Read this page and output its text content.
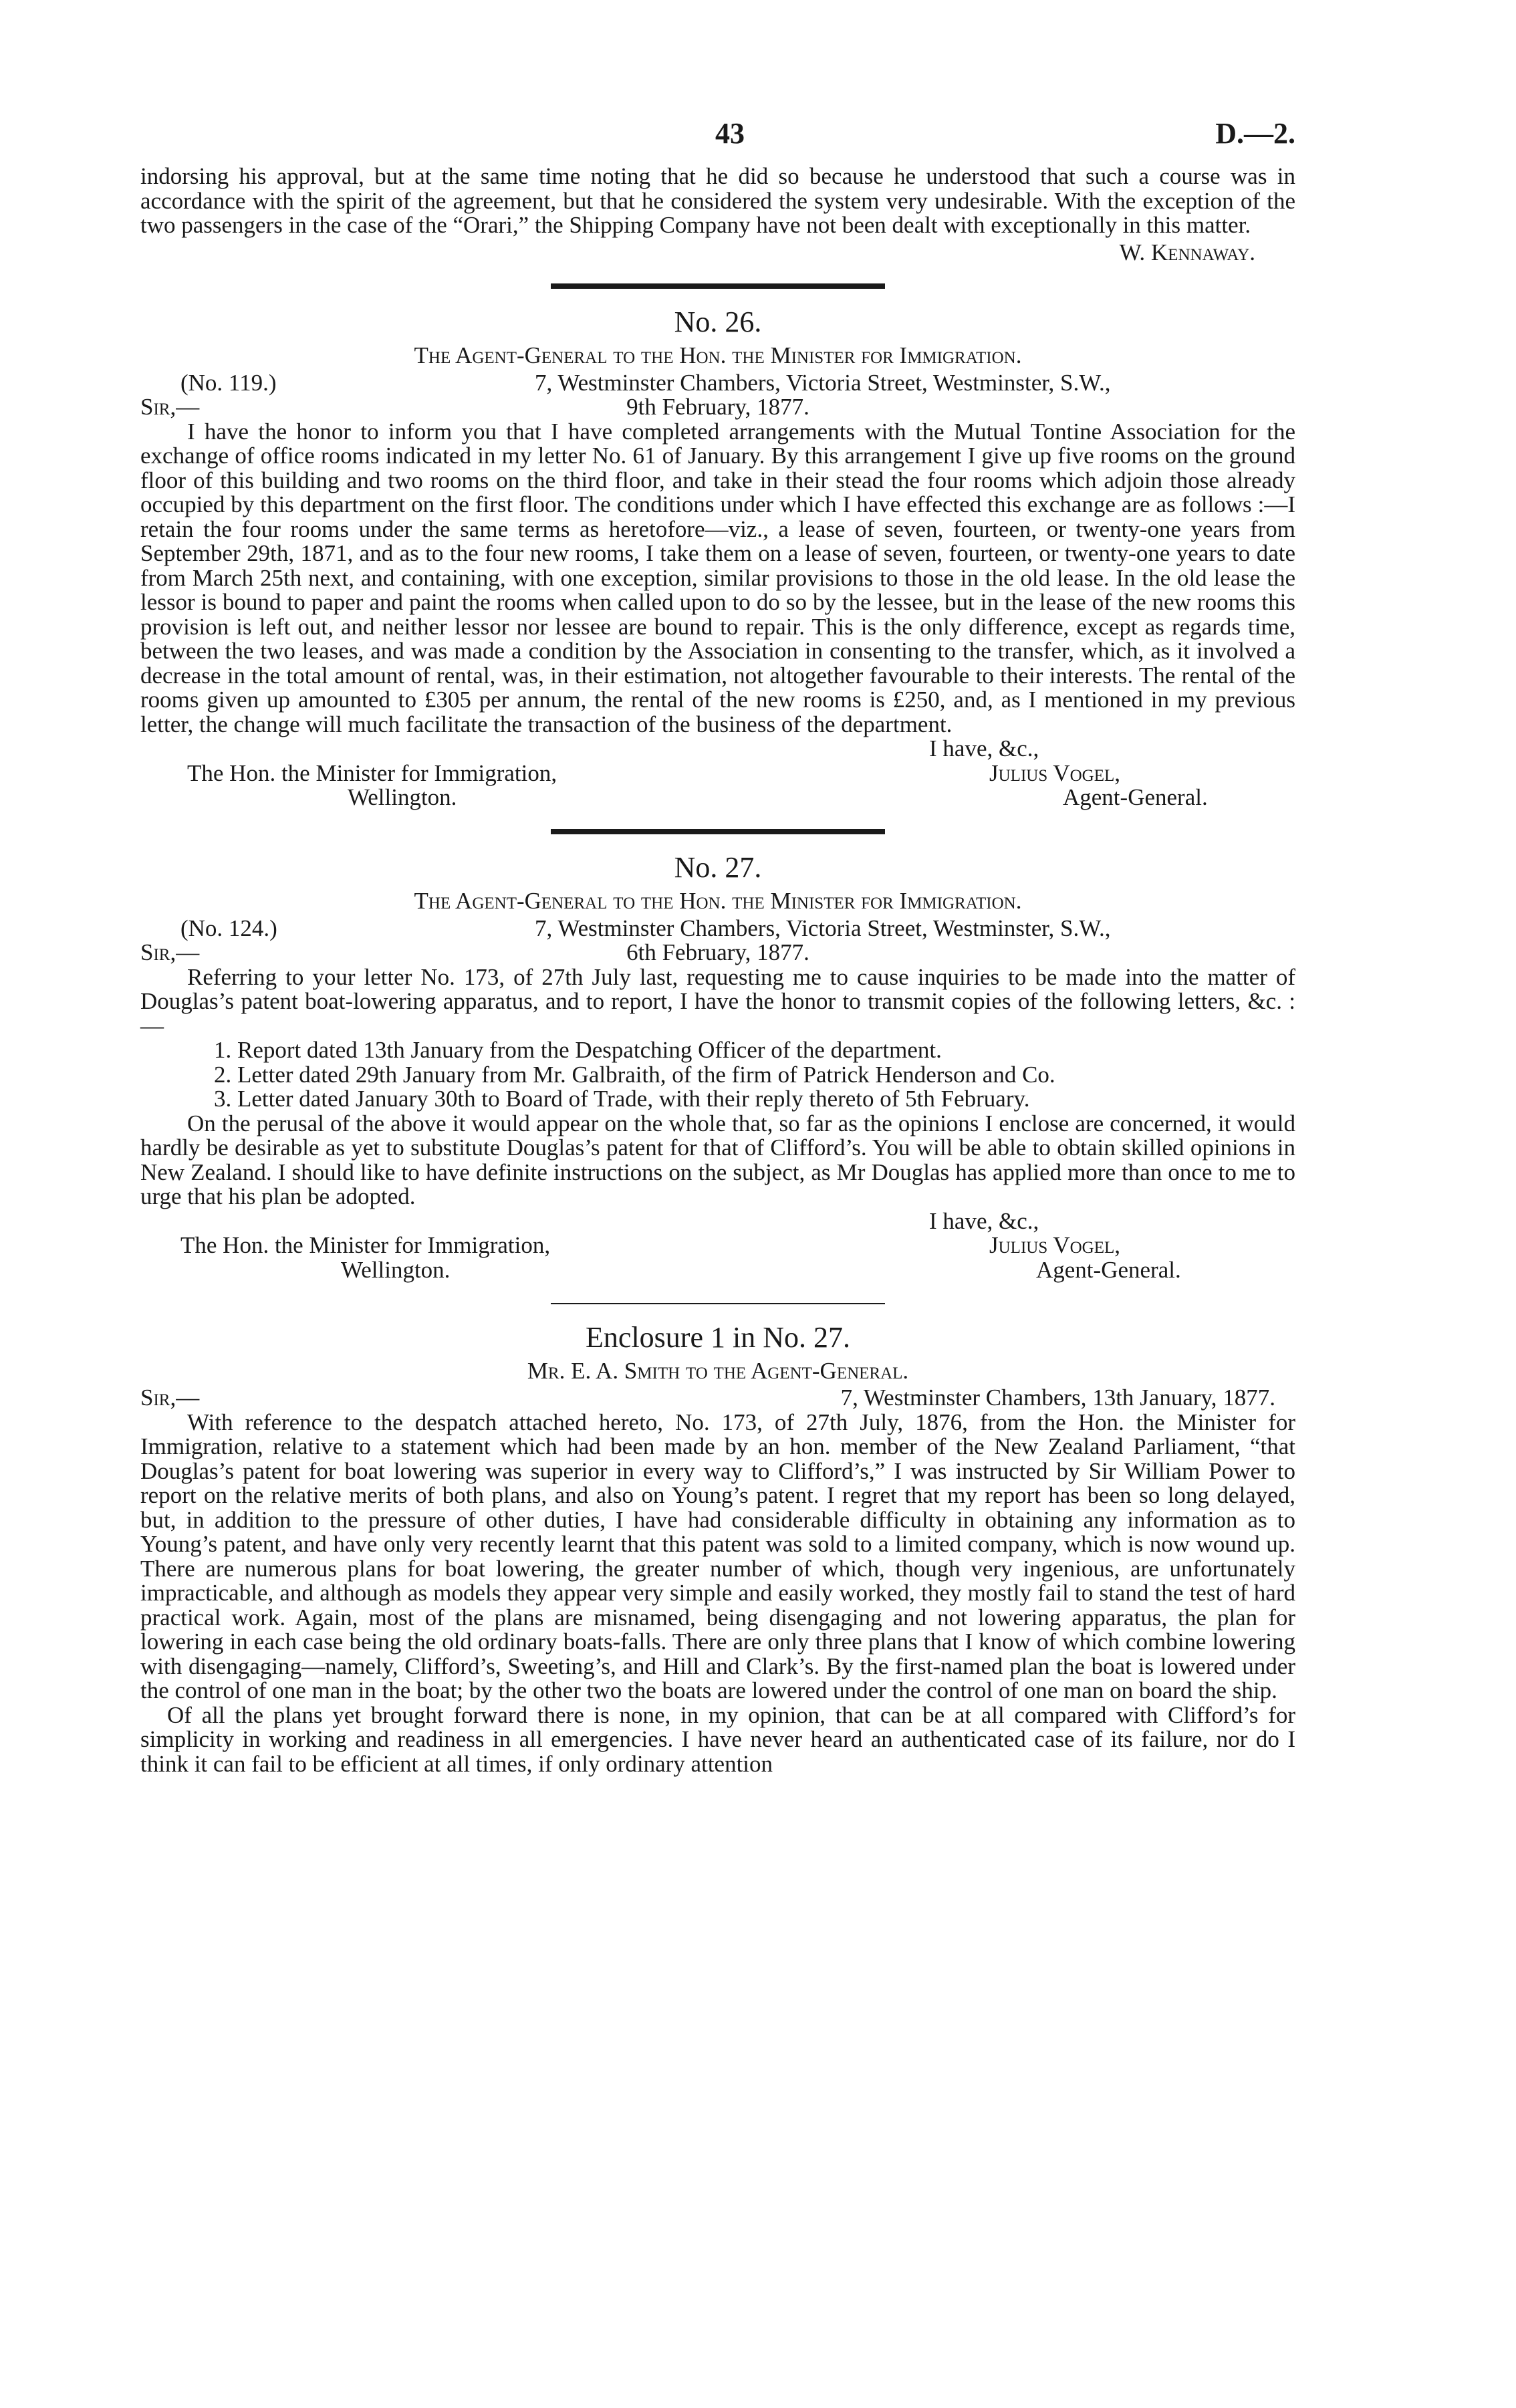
43	D.—2.

indorsing his approval, but at the same time noting that he did so because he understood that such a course was in accordance with the spirit of the agreement, but that he considered the system very undesirable. With the exception of the two passengers in the case of the “Orari,” the Shipping Company have not been dealt with exceptionally in this matter.

W. Kennaway.

No. 26.

The Agent-General to the Hon. the Minister for Immigration.

(No. 119.)	7, Westminster Chambers, Victoria Street, Westminster, S.W.,
Sir,—	9th February, 1877.

I have the honor to inform you that I have completed arrangements with the Mutual Tontine Association for the exchange of office rooms indicated in my letter No. 61 of January. By this arrangement I give up five rooms on the ground floor of this building and two rooms on the third floor, and take in their stead the four rooms which adjoin those already occupied by this department on the first floor. The conditions under which I have effected this exchange are as follows :—I retain the four rooms under the same terms as heretofore—viz., a lease of seven, fourteen, or twenty-one years from September 29th, 1871, and as to the four new rooms, I take them on a lease of seven, fourteen, or twenty-one years to date from March 25th next, and containing, with one exception, similar provisions to those in the old lease. In the old lease the lessor is bound to paper and paint the rooms when called upon to do so by the lessee, but in the lease of the new rooms this provision is left out, and neither lessor nor lessee are bound to repair. This is the only difference, except as regards time, between the two leases, and was made a condition by the Association in consenting to the transfer, which, as it involved a decrease in the total amount of rental, was, in their estimation, not altogether favourable to their interests. The rental of the rooms given up amounted to £305 per annum, the rental of the new rooms is £250, and, as I mentioned in my previous letter, the change will much facilitate the transaction of the business of the department.

I have, &c.,
The Hon. the Minister for Immigration,
Wellington.
Julius Vogel,
Agent-General.

No. 27.

The Agent-General to the Hon. the Minister for Immigration.

(No. 124.)	7, Westminster Chambers, Victoria Street, Westminster, S.W.,
Sir,—	6th February, 1877.

Referring to your letter No. 173, of 27th July last, requesting me to cause inquiries to be made into the matter of Douglas’s patent boat-lowering apparatus, and to report, I have the honor to transmit copies of the following letters, &c. :—

1. Report dated 13th January from the Despatching Officer of the department.

2. Letter dated 29th January from Mr. Galbraith, of the firm of Patrick Henderson and Co.

3. Letter dated January 30th to Board of Trade, with their reply thereto of 5th February.

On the perusal of the above it would appear on the whole that, so far as the opinions I enclose are concerned, it would hardly be desirable as yet to substitute Douglas’s patent for that of Clifford’s. You will be able to obtain skilled opinions in New Zealand. I should like to have definite instructions on the subject, as Mr Douglas has applied more than once to me to urge that his plan be adopted.

I have, &c.,
The Hon. the Minister for Immigration,
Wellington.
Julius Vogel,
Agent-General.

Enclosure 1 in No. 27.

Mr. E. A. Smith to the Agent-General.

Sir,—	7, Westminster Chambers, 13th January, 1877.

With reference to the despatch attached hereto, No. 173, of 27th July, 1876, from the Hon. the Minister for Immigration, relative to a statement which had been made by an hon. member of the New Zealand Parliament, “that Douglas’s patent for boat lowering was superior in every way to Clifford’s,” I was instructed by Sir William Power to report on the relative merits of both plans, and also on Young’s patent. I regret that my report has been so long delayed, but, in addition to the pressure of other duties, I have had considerable difficulty in obtaining any information as to Young’s patent, and have only very recently learnt that this patent was sold to a limited company, which is now wound up. There are numerous plans for boat lowering, the greater number of which, though very ingenious, are unfortunately impracticable, and although as models they appear very simple and easily worked, they mostly fail to stand the test of hard practical work. Again, most of the plans are misnamed, being disengaging and not lowering apparatus, the plan for lowering in each case being the old ordinary boats-falls. There are only three plans that I know of which combine lowering with disengaging—namely, Clifford’s, Sweeting’s, and Hill and Clark’s. By the first-named plan the boat is lowered under the control of one man in the boat; by the other two the boats are lowered under the control of one man on board the ship.

Of all the plans yet brought forward there is none, in my opinion, that can be at all compared with Clifford’s for simplicity in working and readiness in all emergencies. I have never heard an authenticated case of its failure, nor do I think it can fail to be efficient at all times, if only ordinary attention
